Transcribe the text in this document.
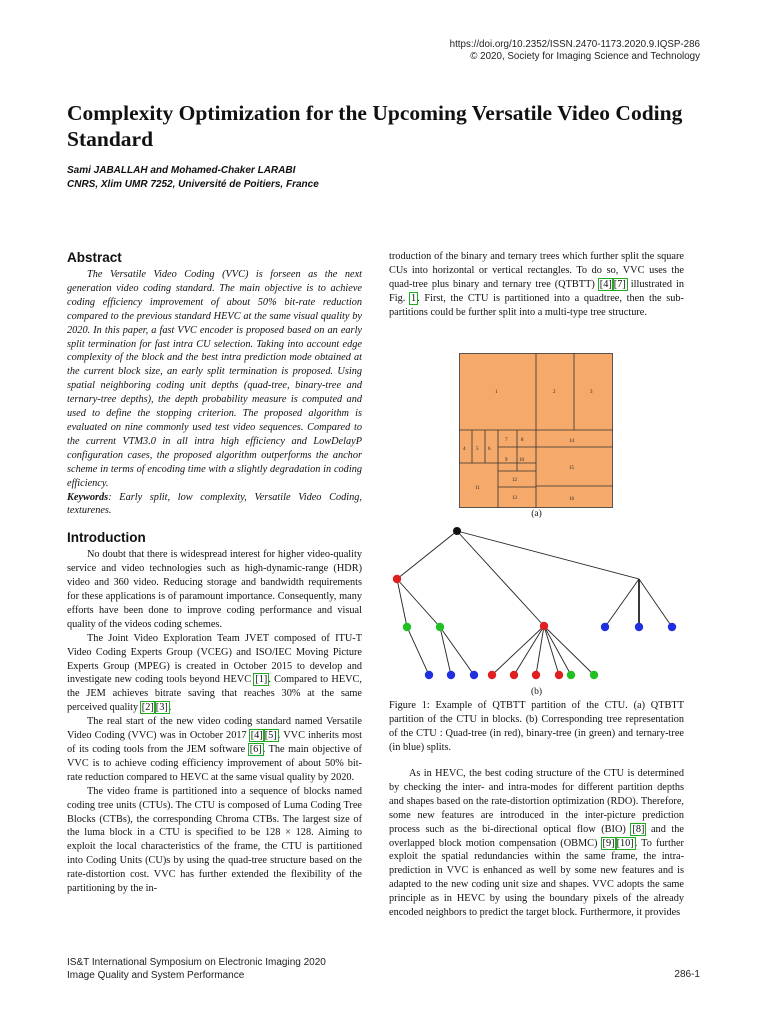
https://doi.org/10.2352/ISSN.2470-1173.2020.9.IQSP-286
© 2020, Society for Imaging Science and Technology
Complexity Optimization for the Upcoming Versatile Video Coding Standard
Sami JABALLAH and Mohamed-Chaker LARABI
CNRS, Xlim UMR 7252, Université de Poitiers, France
Abstract

The Versatile Video Coding (VVC) is forseen as the next generation video coding standard. The main objective is to achieve coding efficiency improvement of about 50% bit-rate reduction compared to the previous standard HEVC at the same visual quality by 2020. In this paper, a fast VVC encoder is proposed based on an early split termination for fast intra CU selection. Taking into account edge complexity of the block and the best intra prediction mode obtained at the current block size, an early split termination is proposed. Using spatial neighboring coding unit depths (quad-tree, binary-tree and ternary-tree depths), the depth probability measure is computed and used to define the stopping criterion. The proposed algorithm is evaluated on nine commonly used test video sequences. Compared to the current VTM3.0 in all intra high efficiency and LowDelayP configuration cases, the proposed algorithm outperforms the anchor scheme in terms of encoding time with a slightly degradation in coding efficiency.

Keywords: Early split, low complexity, Versatile Video Coding, texturenes.

Introduction

No doubt that there is widespread interest for higher video-quality service and video technologies such as high-dynamic-range (HDR) video and 360 video. Reducing storage and bandwidth requirements for these applications is of paramount importance. Consequently, many efforts have been done to improve coding performance and visual quality of the videos coding schemes.

The Joint Video Exploration Team JVET composed of ITU-T Video Coding Experts Group (VCEG) and ISO/IEC Moving Picture Experts Group (MPEG) is created in October 2015 to develop and investigate new coding tools beyond HEVC [1]. Compared to HEVC, the JEM achieves bitrate saving that reaches 30% at the same perceived quality [2] [3].

The real start of the new video coding standard named Versatile Video Coding (VVC) was in October 2017 [4] [5]. VVC inherits most of its coding tools from the JEM software [6]. The main objective of VVC is to achieve coding efficiency improvement of about 50% bit-rate reduction compared to HEVC at the same visual quality by 2020.

The video frame is partitioned into a sequence of blocks named coding tree units (CTUs). The CTU is composed of Luma Coding Tree Blocks (CTBs), the corresponding Chroma CTBs. The largest size of the luma block in a CTU is specified to be 128 × 128. Aiming to exploit the local characteristics of the frame, the CTU is partitioned into Coding Units (CU)s by using the quad-tree structure based on the rate-distortion cost. VVC has further extended the flexibility of the partitioning by the in-

troduction of the binary and ternary trees which further split the square CUs into horizontal or vertical rectangles. To do so, VVC uses the quad-tree plus binary and ternary tree (QTBTT) [4] [7] illustrated in Fig. 1. First, the CTU is partitioned into a quadtree, then the sub-partitions could be further split into a multi-type tree structure.

1	2	3
4 5 6
7	8
9 10
11
12
13
14
15
16
(a)
(b)
Figure 1: Example of QTBTT partition of the CTU. (a) QTBTT partition of the CTU in blocks. (b) Corresponding tree representation of the CTU : Quad-tree (in red), binary-tree (in green) and ternary-tree (in blue) splits.

As in HEVC, the best coding structure of the CTU is determined by checking the inter- and intra-modes for different partition depths and shapes based on the rate-distortion optimization (RDO). Therefore, some new features are introduced in the inter-picture prediction process such as the bi-directional optical flow (BIO) [8] and the overlapped block motion compensation (OBMC) [9] [10]. To further exploit the spatial redundancies within the same frame, the intra-prediction in VVC is enhanced as well by some new features and is adapted to the new coding unit size and shapes. VVC adopts the same principle as in HEVC by using the boundary pixels of the already encoded neighbors to predict the target block. Furthermore, it provides

IS&T International Symposium on Electronic Imaging 2020
Image Quality and System Performance	286-1
